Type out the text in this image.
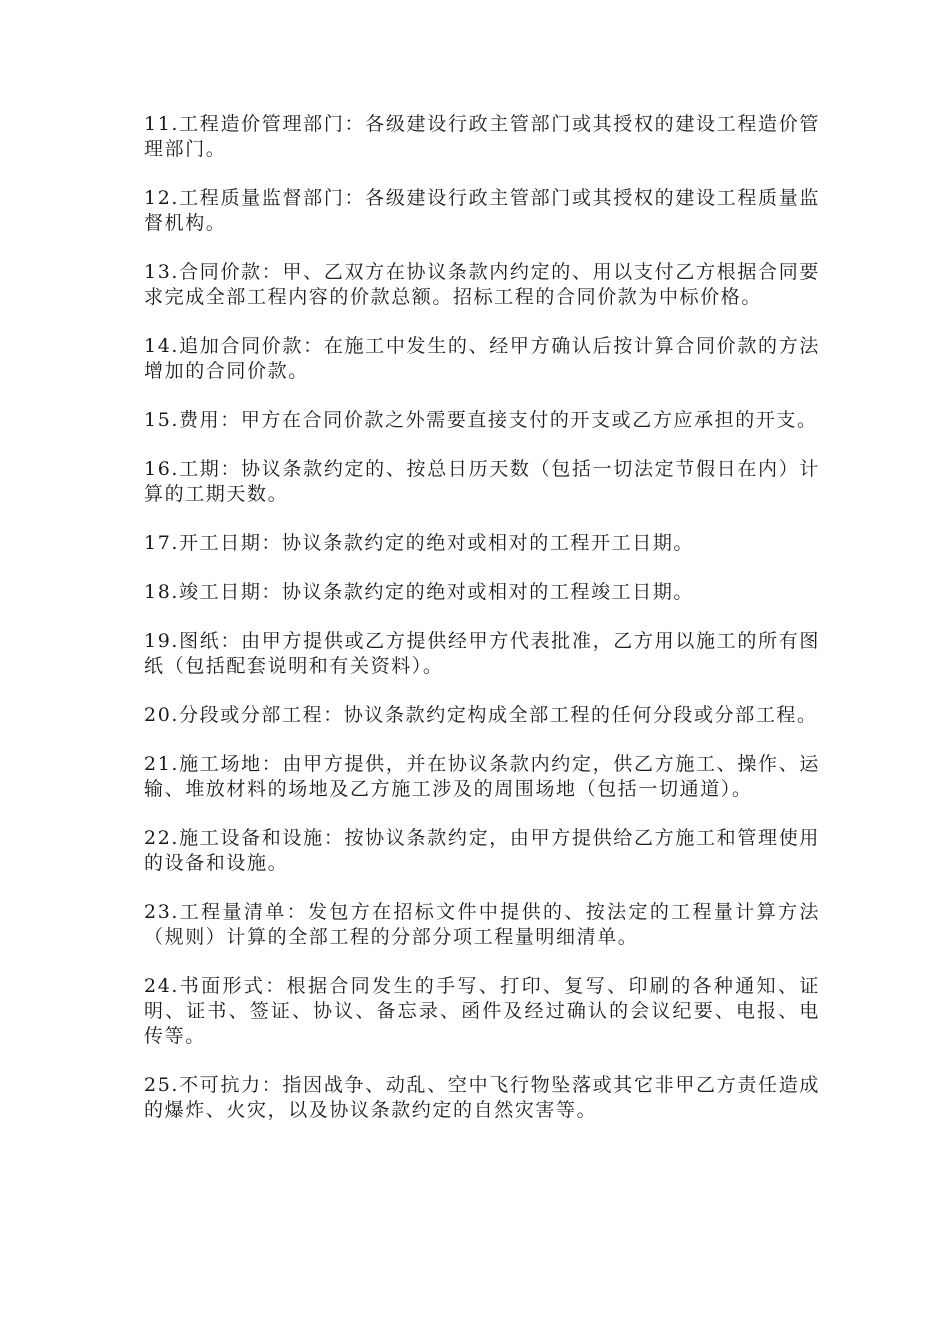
11.工程造价管理部门：各级建设行政主管部门或其授权的建设工程造价管理部门。

12.工程质量监督部门：各级建设行政主管部门或其授权的建设工程质量监督机构。

13.合同价款：甲、乙双方在协议条款内约定的、用以支付乙方根据合同要求完成全部工程内容的价款总额。招标工程的合同价款为中标价格。

14.追加合同价款：在施工中发生的、经甲方确认后按计算合同价款的方法增加的合同价款。

15.费用：甲方在合同价款之外需要直接支付的开支或乙方应承担的开支。

16.工期：协议条款约定的、按总日历天数（包括一切法定节假日在内）计算的工期天数。

17.开工日期：协议条款约定的绝对或相对的工程开工日期。

18.竣工日期：协议条款约定的绝对或相对的工程竣工日期。

19.图纸：由甲方提供或乙方提供经甲方代表批准，乙方用以施工的所有图纸（包括配套说明和有关资料）。

20.分段或分部工程：协议条款约定构成全部工程的任何分段或分部工程。

21.施工场地：由甲方提供，并在协议条款内约定，供乙方施工、操作、运输、堆放材料的场地及乙方施工涉及的周围场地（包括一切通道）。

22.施工设备和设施：按协议条款约定，由甲方提供给乙方施工和管理使用的设备和设施。

23.工程量清单：发包方在招标文件中提供的、按法定的工程量计算方法（规则）计算的全部工程的分部分项工程量明细清单。

24.书面形式：根据合同发生的手写、打印、复写、印刷的各种通知、证明、证书、签证、协议、备忘录、函件及经过确认的会议纪要、电报、电传等。

25.不可抗力：指因战争、动乱、空中飞行物坠落或其它非甲乙方责任造成的爆炸、火灾，以及协议条款约定的自然灾害等。
